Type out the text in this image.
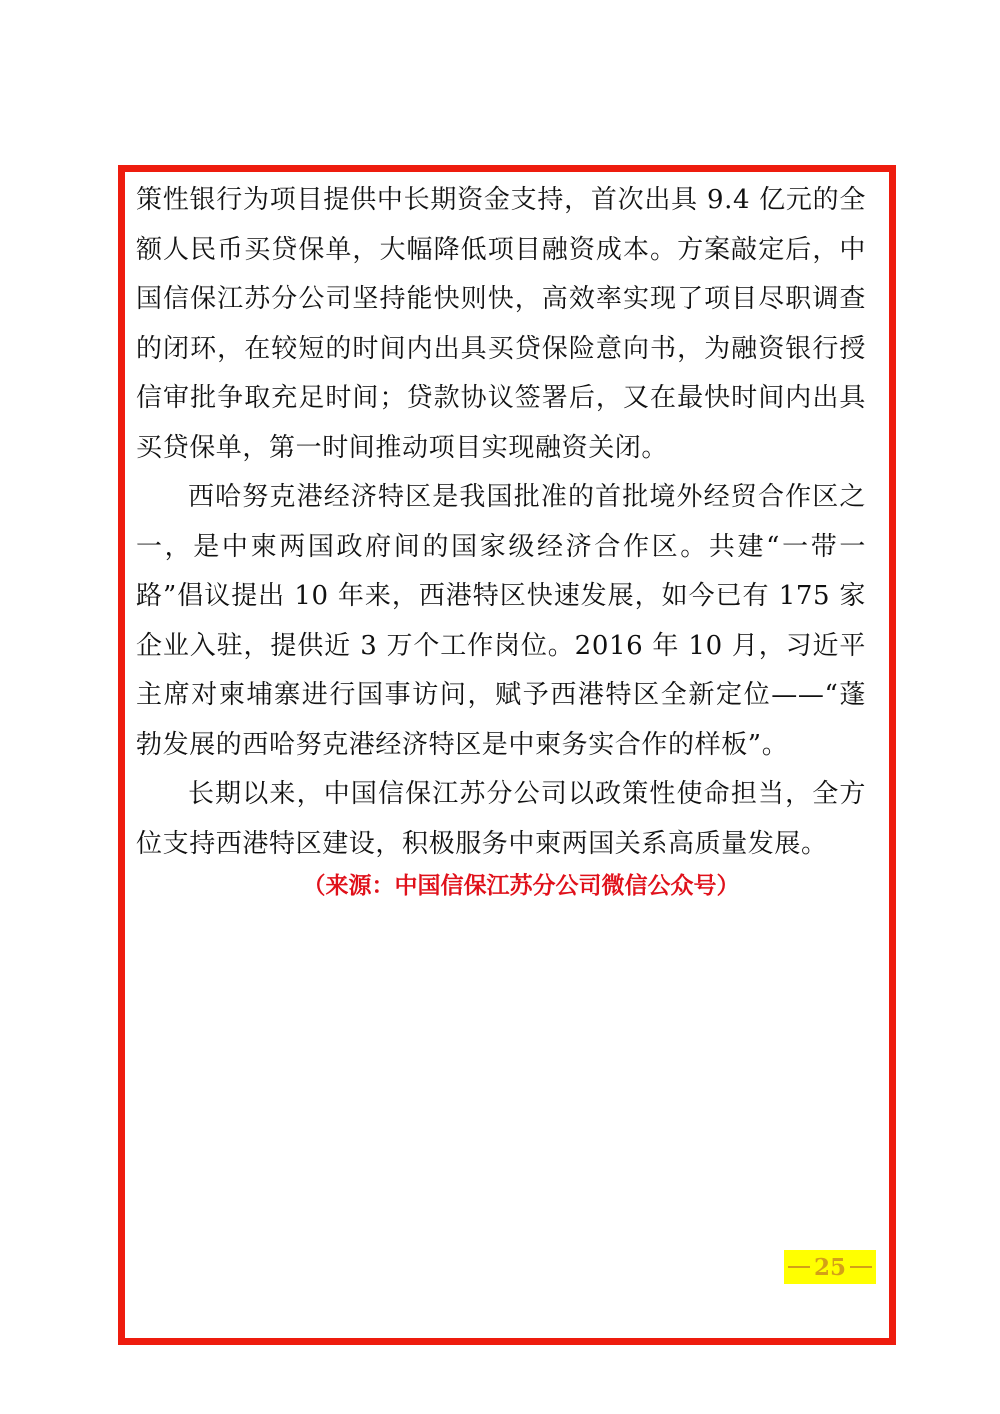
策性银行为项目提供中长期资金支持，首次出具 9.4 亿元的全额人民币买贷保单，大幅降低项目融资成本。方案敲定后，中国信保江苏分公司坚持能快则快，高效率实现了项目尽职调查的闭环，在较短的时间内出具买贷保险意向书，为融资银行授信审批争取充足时间；贷款协议签署后，又在最快时间内出具买贷保单，第一时间推动项目实现融资关闭。

西哈努克港经济特区是我国批准的首批境外经贸合作区之一，是中柬两国政府间的国家级经济合作区。共建“一带一路”倡议提出 10 年来，西港特区快速发展，如今已有 175 家企业入驻，提供近 3 万个工作岗位。2016 年 10 月，习近平主席对柬埔寨进行国事访问，赋予西港特区全新定位——“蓬勃发展的西哈努克港经济特区是中柬务实合作的样板”。

长期以来，中国信保江苏分公司以政策性使命担当，全方位支持西港特区建设，积极服务中柬两国关系高质量发展。

（来源：中国信保江苏分公司微信公众号）
25
